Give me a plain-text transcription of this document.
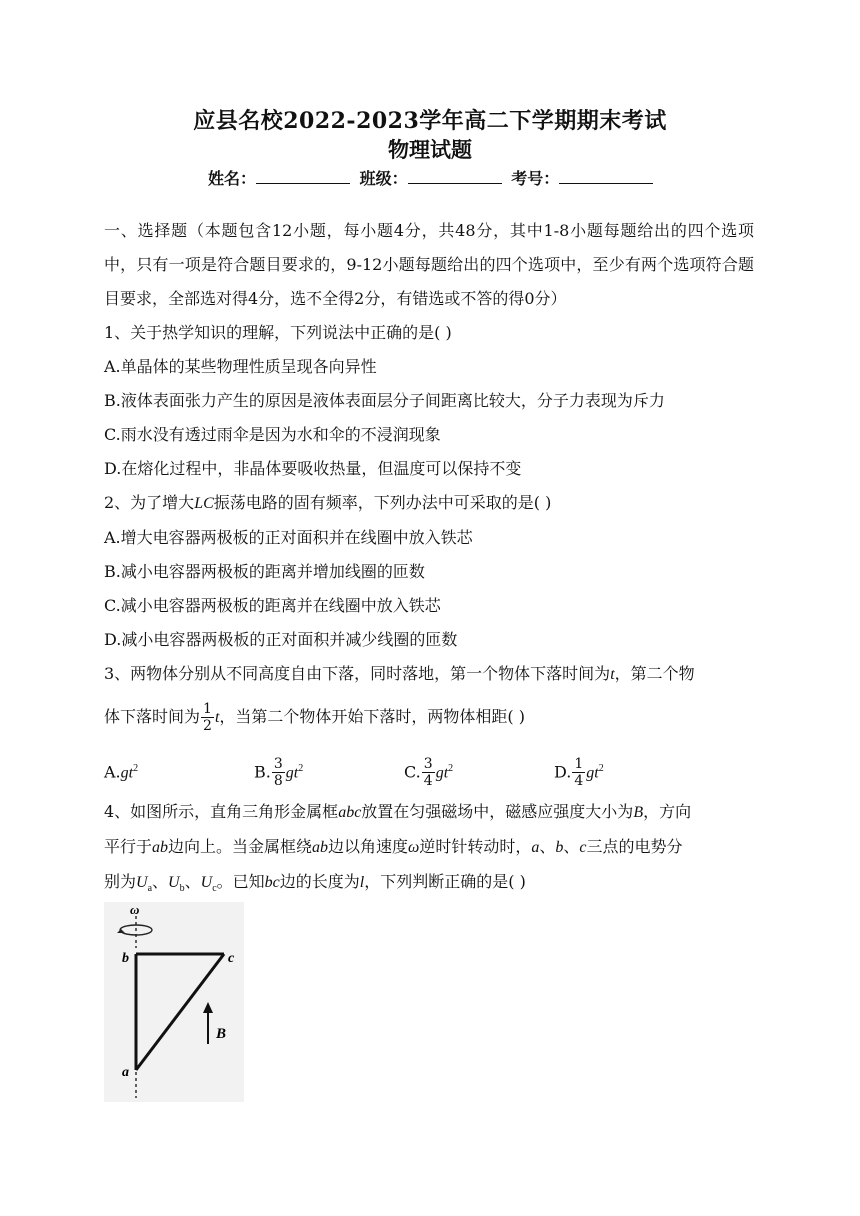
应县名校2022-2023学年高二下学期期末考试
物理试题
姓名：	班级：	考号：

一、选择题（本题包含12小题，每小题4分，共48分，其中1-8小题每题给出的四个选项中，只有一项是符合题目要求的，9-12小题每题给出的四个选项中，至少有两个选项符合题目要求，全部选对得4分，选不全得2分，有错选或不答的得0分）

1、关于热学知识的理解，下列说法中正确的是( )

A.单晶体的某些物理性质呈现各向异性

B.液体表面张力产生的原因是液体表面层分子间距离比较大，分子力表现为斥力

C.雨水没有透过雨伞是因为水和伞的不浸润现象

D.在熔化过程中，非晶体要吸收热量，但温度可以保持不变

2、为了增大LC振荡电路的固有频率，下列办法中可采取的是( )

A.增大电容器两极板的正对面积并在线圈中放入铁芯

B.减小电容器两极板的距离并增加线圈的匝数

C.减小电容器两极板的距离并在线圈中放入铁芯

D.减小电容器两极板的正对面积并减少线圈的匝数

3、两物体分别从不同高度自由下落，同时落地，第一个物体下落时间为t，第二个物

体下落时间为 $\frac{1}{2}$ t，当第二个物体开始下落时，两物体相距( )

$A.gt^2$	B. $\frac{3}{8} gt^2$	C. $\frac{3}{4} gt^2$	D. $\frac{1}{4} gt^2$

4、如图所示，直角三角形金属框abc放置在匀强磁场中，磁感应强度大小为B，方向

平行于ab边向上。当金属框绕ab边以角速度ω逆时针转动时，a、b、c三点的电势分

别为$U_a$、$U_b$、$U_c$。已知bc边的长度为l，下列判断正确的是( )

ω
b	c
a
B
